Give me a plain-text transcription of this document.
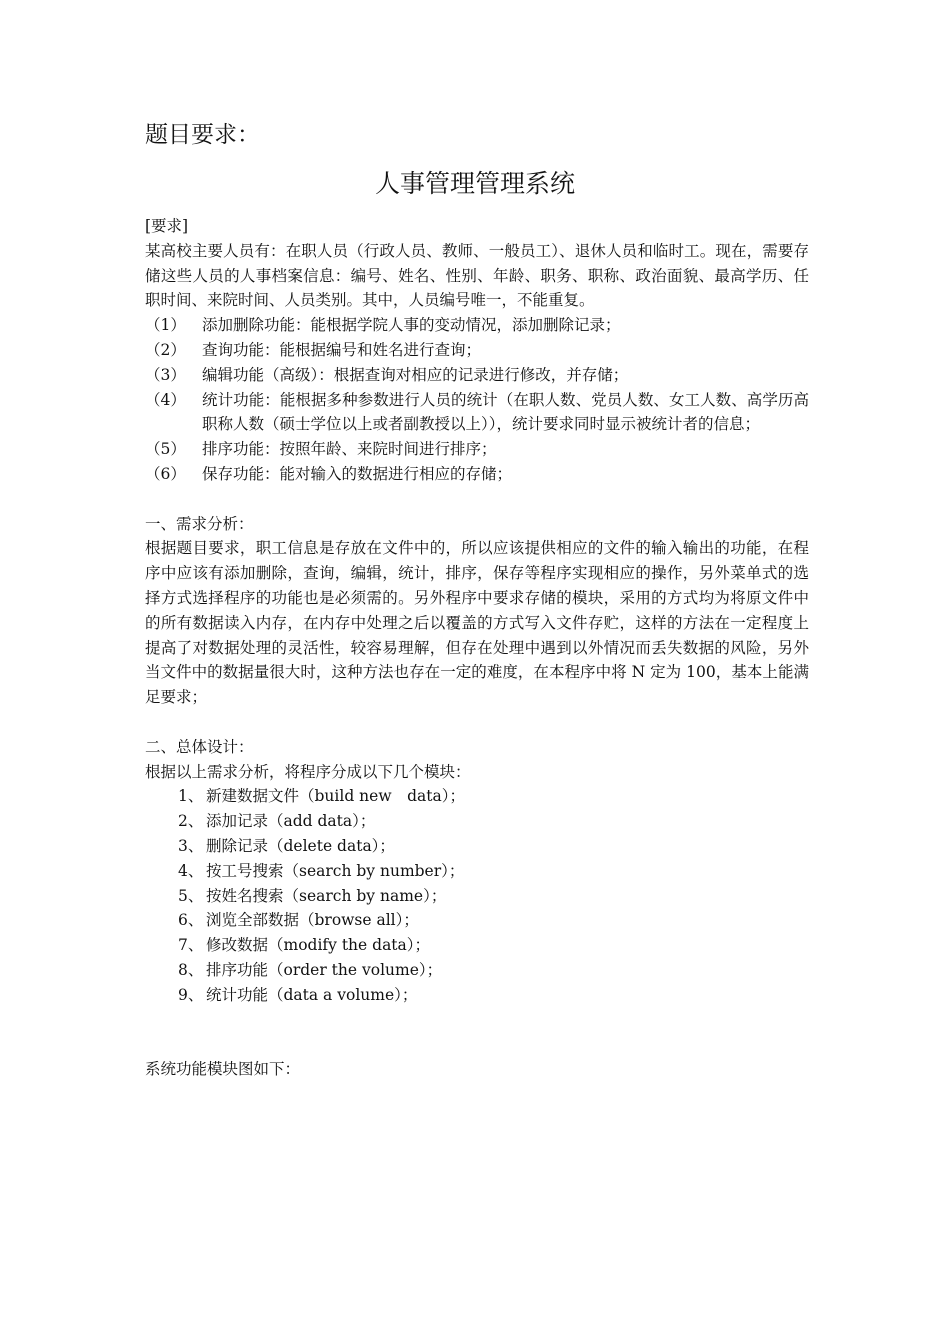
题目要求：
人事管理管理系统
[要求]
某高校主要人员有：在职人员（行政人员、教师、一般员工）、退休人员和临时工。现在，需要存储这些人员的人事档案信息：编号、姓名、性别、年龄、职务、职称、政治面貌、最高学历、任职时间、来院时间、人员类别。其中，人员编号唯一，不能重复。
（1）	添加删除功能：能根据学院人事的变动情况，添加删除记录；
（2）	查询功能：能根据编号和姓名进行查询；
（3）	编辑功能（高级）：根据查询对相应的记录进行修改，并存储；
（4）	统计功能：能根据多种参数进行人员的统计（在职人数、党员人数、女工人数、高学历高职称人数（硕士学位以上或者副教授以上）），统计要求同时显示被统计者的信息；
（5）	排序功能：按照年龄、来院时间进行排序；
（6）	保存功能：能对输入的数据进行相应的存储；
一、需求分析：
根据题目要求，职工信息是存放在文件中的，所以应该提供相应的文件的输入输出的功能，在程序中应该有添加删除，查询，编辑，统计，排序，保存等程序实现相应的操作，另外菜单式的选择方式选择程序的功能也是必须需的。另外程序中要求存储的模块，采用的方式均为将原文件中的所有数据读入内存，在内存中处理之后以覆盖的方式写入文件存贮，这样的方法在一定程度上提高了对数据处理的灵活性，较容易理解，但存在处理中遇到以外情况而丢失数据的风险，另外当文件中的数据量很大时，这种方法也存在一定的难度，在本程序中将 N 定为 100，基本上能满足要求；
二、总体设计：
根据以上需求分析，将程序分成以下几个模块：
1、 新建数据文件（build new　data）；
2、 添加记录（add data）；
3、 删除记录（delete data）；
4、 按工号搜索（search by number）；
5、 按姓名搜索（search by name）；
6、 浏览全部数据（browse all）；
7、 修改数据（modify the data）；
8、 排序功能（order the volume）；
9、 统计功能（data a volume）；
系统功能模块图如下：
